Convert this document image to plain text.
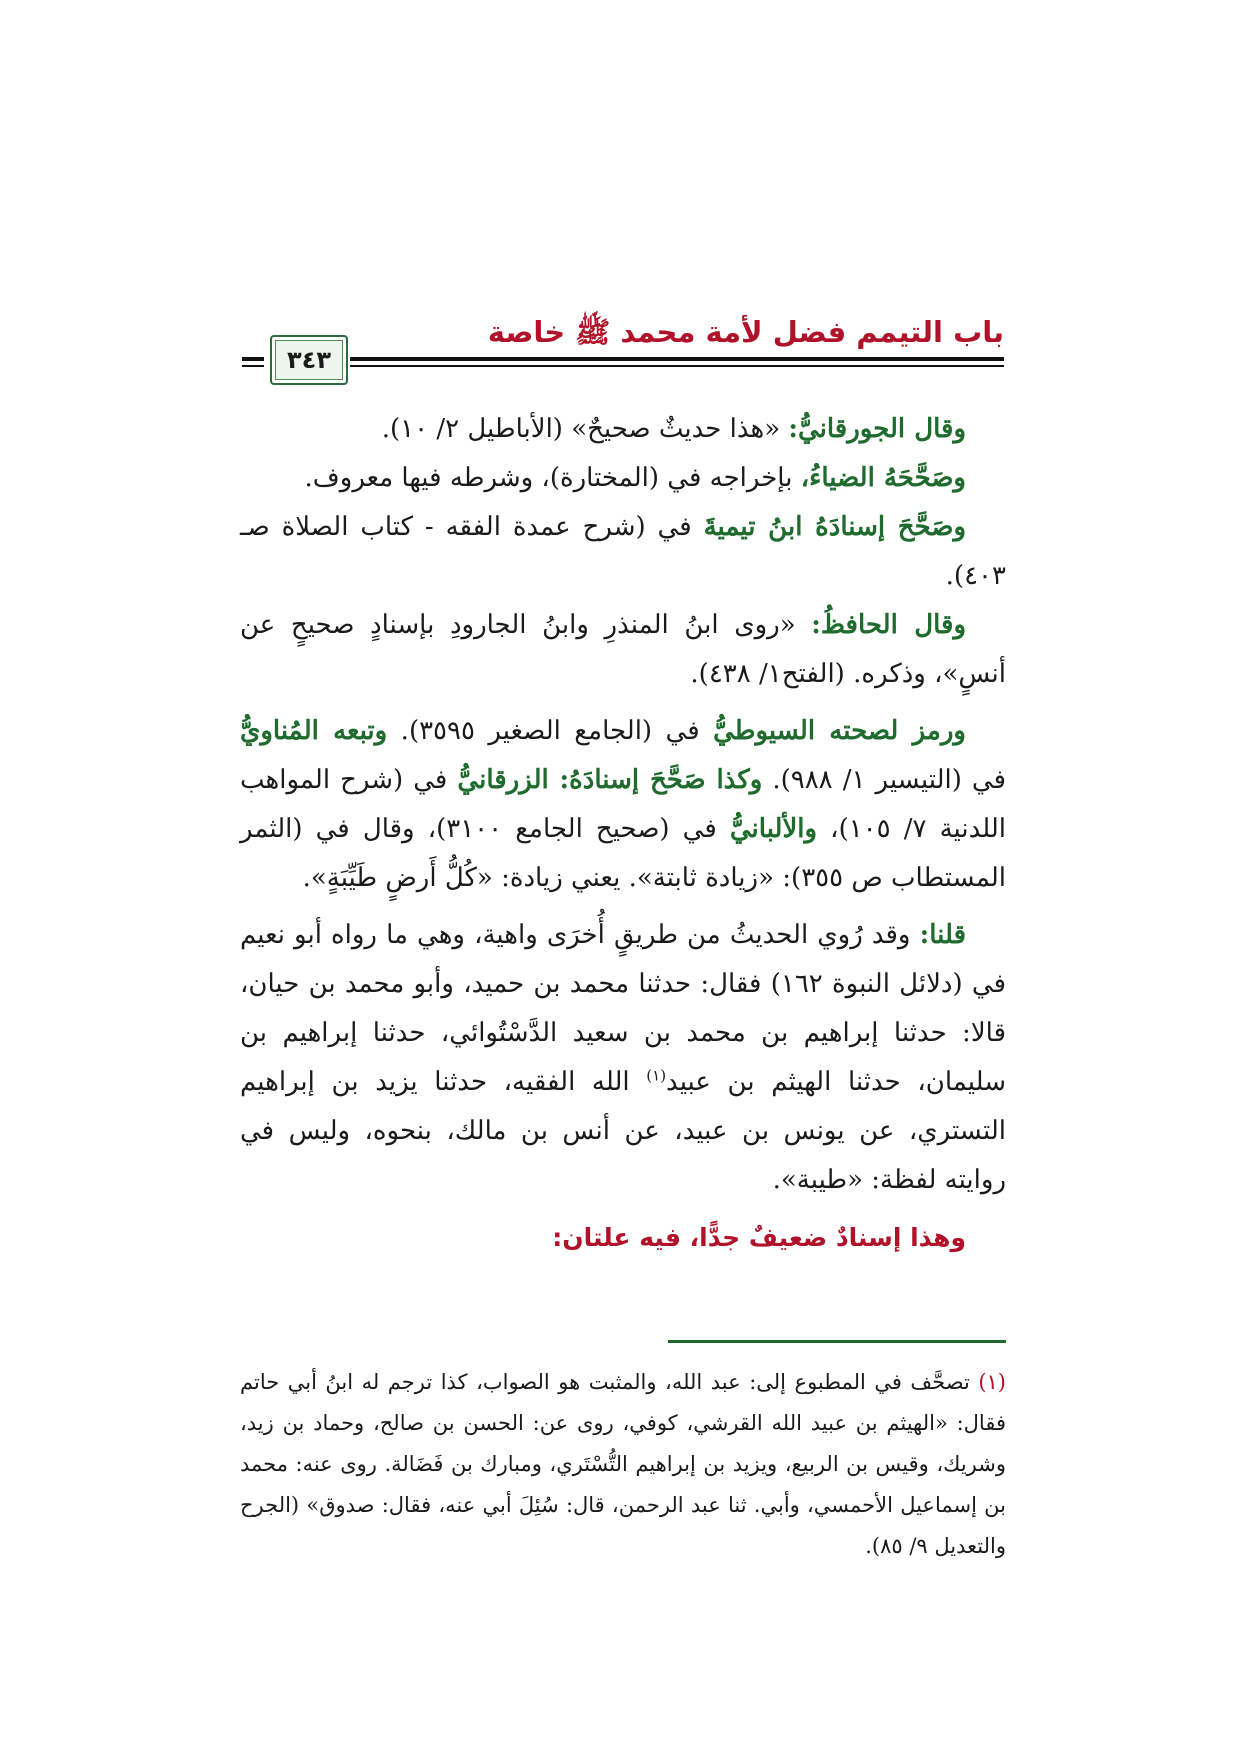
باب التيمم فضل لأمة محمد ﷺ خاصة
٣٤٣

وقال الجورقانيُّ: «هذا حديثٌ صحيحٌ» (الأباطيل ٢/ ١٠).

وصَحَّحَهُ الضياءُ، بإخراجه في (المختارة)، وشرطه فيها معروف.

وصَحَّحَ إسنادَهُ ابنُ تيميةَ في (شرح عمدة الفقه - كتاب الصلاة صـ ٤٠٣).

وقال الحافظُ: «روى ابنُ المنذرِ وابنُ الجارودِ بإسنادٍ صحيحٍ عن أنسٍ»، وذكره. (الفتح١/ ٤٣٨).

ورمز لصحته السيوطيُّ في (الجامع الصغير ٣٥٩٥). وتبعه المُناويُّ في (التيسير ١/ ٩٨٨). وكذا صَحَّحَ إسنادَهُ: الزرقانيُّ في (شرح المواهب اللدنية ٧/ ١٠٥)، والألبانيُّ في (صحيح الجامع ٣١٠٠)، وقال في (الثمر المستطاب ص ٣٥٥): «زيادة ثابتة». يعني زيادة: «كُلُّ أَرضٍ طَيِّبَةٍ».

قلنا: وقد رُوي الحديثُ من طريقٍ أُخرَى واهية، وهي ما رواه أبو نعيم في (دلائل النبوة ١٦٢) فقال: حدثنا محمد بن حميد، وأبو محمد بن حيان، قالا: حدثنا إبراهيم بن محمد بن سعيد الدَّسْتُوائي، حدثنا إبراهيم بن سليمان، حدثنا الهيثم بن عبيد$^{(١)}$ الله الفقيه، حدثنا يزيد بن إبراهيم التستري، عن يونس بن عبيد، عن أنس بن مالك، بنحوه، وليس في روايته لفظة: «طيبة».

وهذا إسنادٌ ضعيفٌ جدًّا، فيه علتان:

(١) تصحَّف في المطبوع إلى: عبد الله، والمثبت هو الصواب، كذا ترجم له ابنُ أبي حاتم فقال: «الهيثم بن عبيد الله القرشي، كوفي، روى عن: الحسن بن صالح، وحماد بن زيد، وشريك، وقيس بن الربيع، ويزيد بن إبراهيم التُّسْتَري، ومبارك بن فَضَالة. روى عنه: محمد بن إسماعيل الأحمسي، وأبي. ثنا عبد الرحمن، قال: سُئِلَ أبي عنه، فقال: صدوق» (الجرح والتعديل ٩/ ٨٥).
